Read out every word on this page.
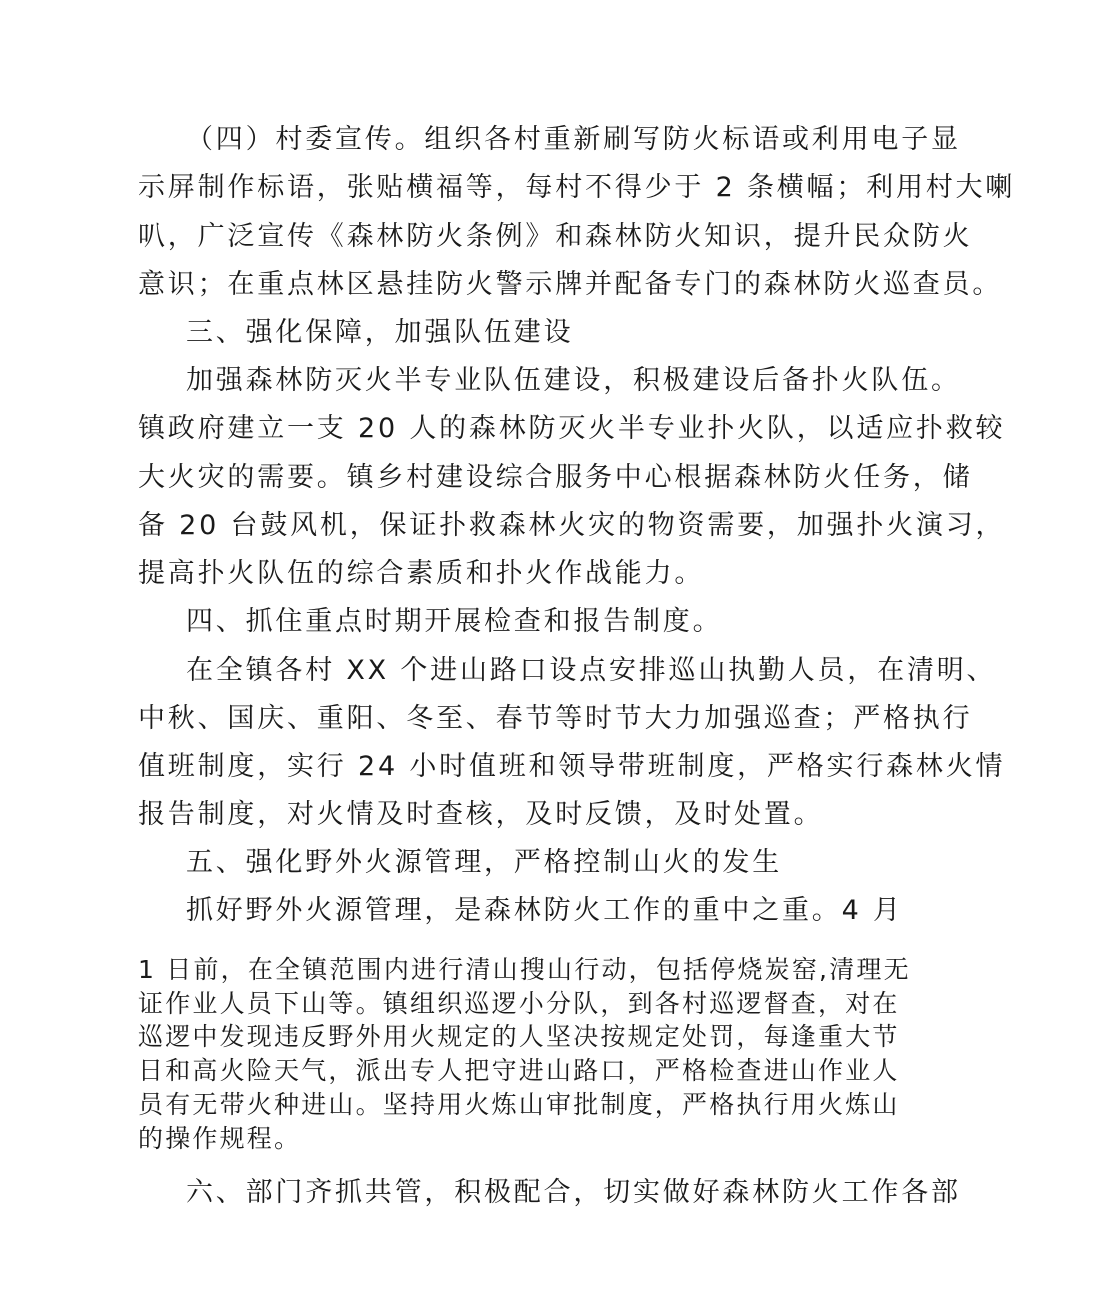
（四）村委宣传。组织各村重新刷写防火标语或利用电子显
示屏制作标语，张贴横福等，每村不得少于 2 条横幅；利用村大喇
叭，广泛宣传《森林防火条例》和森林防火知识，提升民众防火
意识；在重点林区悬挂防火警示牌并配备专门的森林防火巡查员。
三、强化保障，加强队伍建设
加强森林防灭火半专业队伍建设，积极建设后备扑火队伍。
镇政府建立一支 20 人的森林防灭火半专业扑火队，以适应扑救较
大火灾的需要。镇乡村建设综合服务中心根据森林防火任务，储
备 20 台鼓风机，保证扑救森林火灾的物资需要，加强扑火演习，
提高扑火队伍的综合素质和扑火作战能力。
四、抓住重点时期开展检查和报告制度。
在全镇各村 XX 个进山路口设点安排巡山执勤人员，在清明、
中秋、国庆、重阳、冬至、春节等时节大力加强巡查；严格执行
值班制度，实行 24 小时值班和领导带班制度，严格实行森林火情
报告制度，对火情及时查核，及时反馈，及时处置。
五、强化野外火源管理，严格控制山火的发生
抓好野外火源管理，是森林防火工作的重中之重。4 月
1 日前，在全镇范围内进行清山搜山行动，包括停烧炭窑,清理无
证作业人员下山等。镇组织巡逻小分队，到各村巡逻督查，对在
巡逻中发现违反野外用火规定的人坚决按规定处罚，每逢重大节
日和高火险天气，派出专人把守进山路口，严格检查进山作业人
员有无带火种进山。坚持用火炼山审批制度，严格执行用火炼山
的操作规程。
六、部门齐抓共管，积极配合，切实做好森林防火工作各部
